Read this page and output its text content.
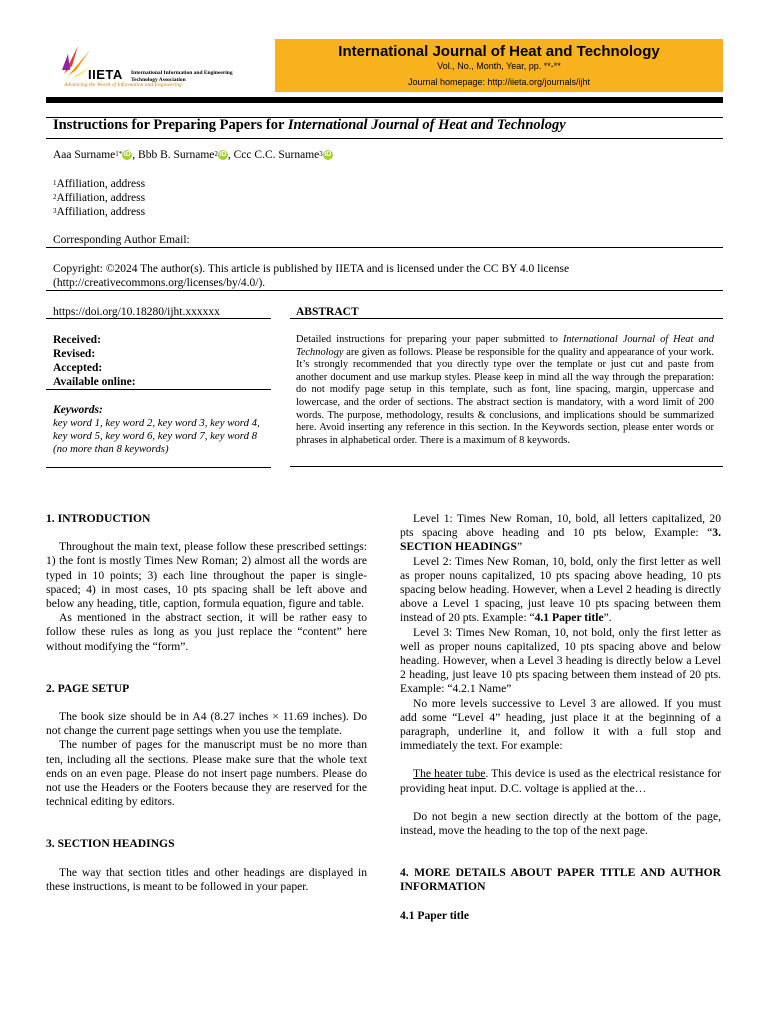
IIETA International Information and Engineering Technology Association
Advancing the World of Information and Engineering
International Journal of Heat and Technology
Vol., No., Month, Year, pp. **-**
Journal homepage: http://iieta.org/journals/ijht
Instructions for Preparing Papers for International Journal of Heat and Technology
Aaa Surname$^{1*}$ iD , Bbb B. Surname$^2$ iD , Ccc C.C. Surname$^3$ iD
$^1$Affiliation, address
$^2$Affiliation, address
$^3$Affiliation, address
Corresponding Author Email:
Copyright: ©2024 The author(s). This article is published by IIETA and is licensed under the CC BY 4.0 license (http://creativecommons.org/licenses/by/4.0/).
https://doi.org/10.18280/ijht.xxxxxx
Received:
Revised:
Accepted:
Available online:
Keywords:
key word 1, key word 2, key word 3, key word 4, key word 5, key word 6, key word 7, key word 8
(no more than 8 keywords)
ABSTRACT
Detailed instructions for preparing your paper submitted to International Journal of Heat and Technology are given as follows. Please be responsible for the quality and appearance of your work. It’s strongly recommended that you directly type over the template or just cut and paste from another document and use markup styles. Please keep in mind all the way through the preparation: do not modify page setup in this template, such as font, line spacing, margin, uppercase and lowercase, and the order of sections. The abstract section is mandatory, with a word limit of 200 words. The purpose, methodology, results & conclusions, and implications should be summarized here. Avoid inserting any reference in this section. In the Keywords section, please enter words or phrases in alphabetical order. There is a maximum of 8 keywords.

1. INTRODUCTION

Throughout the main text, please follow these prescribed settings: 1) the font is mostly Times New Roman; 2) almost all the words are typed in 10 points; 3) each line throughout the paper is single-spaced; 4) in most cases, 10 pts spacing shall be left above and below any heading, title, caption, formula equation, figure and table.

As mentioned in the abstract section, it will be rather easy to follow these rules as long as you just replace the “content” here without modifying the “form”.

2. PAGE SETUP

The book size should be in A4 (8.27 inches × 11.69 inches). Do not change the current page settings when you use the template.

The number of pages for the manuscript must be no more than ten, including all the sections. Please make sure that the whole text ends on an even page. Please do not insert page numbers. Please do not use the Headers or the Footers because they are reserved for the technical editing by editors.

3. SECTION HEADINGS

The way that section titles and other headings are displayed in these instructions, is meant to be followed in your paper.

Level 1: Times New Roman, 10, bold, all letters capitalized, 20 pts spacing above heading and 10 pts below, Example: “3. SECTION HEADINGS”

Level 2: Times New Roman, 10, bold, only the first letter as well as proper nouns capitalized, 10 pts spacing above heading, 10 pts spacing below heading. However, when a Level 2 heading is directly above a Level 1 spacing, just leave 10 pts spacing between them instead of 20 pts. Example: “4.1 Paper title”.

Level 3: Times New Roman, 10, not bold, only the first letter as well as proper nouns capitalized, 10 pts spacing above and below heading. However, when a Level 3 heading is directly below a Level 2 heading, just leave 10 pts spacing between them instead of 20 pts. Example: “4.2.1 Name”

No more levels successive to Level 3 are allowed. If you must add some “Level 4” heading, just place it at the beginning of a paragraph, underline it, and follow it with a full stop and immediately the text. For example:

The heater tube. This device is used as the electrical resistance for providing heat input. D.C. voltage is applied at the…

Do not begin a new section directly at the bottom of the page, instead, move the heading to the top of the next page.

4. MORE DETAILS ABOUT PAPER TITLE AND AUTHOR INFORMATION

4.1 Paper title
